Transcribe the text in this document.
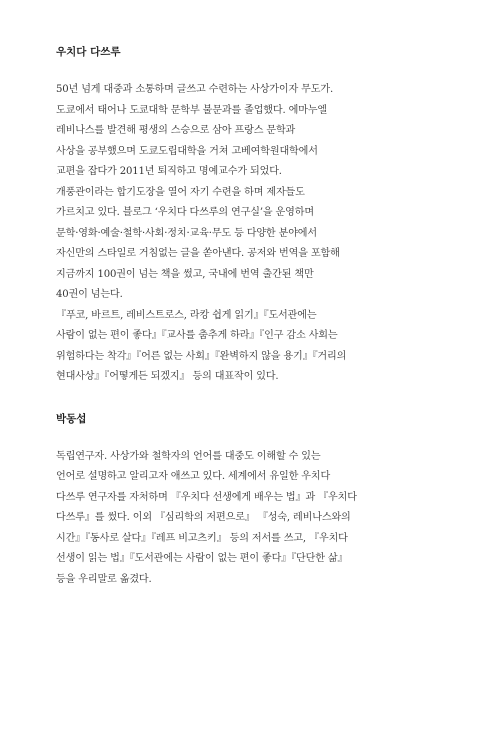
우치다 다쓰루
50년 넘게 대중과 소통하며 글쓰고 수련하는 사상가이자 무도가.
도쿄에서 태어나 도쿄대학 문학부 불문과를 졸업했다. 에마누엘
레비나스를 발견해 평생의 스승으로 삼아 프랑스 문학과
사상을 공부했으며 도쿄도립대학을 거쳐 고베여학원대학에서
교편을 잡다가 2011년 퇴직하고 명예교수가 되었다.
개풍관이라는 합기도장을 열어 자기 수련을 하며 제자들도
가르치고 있다. 블로그 ‘우치다 다쓰루의 연구실’을 운영하며
문학·영화·예술·철학·사회·정치·교육·무도 등 다양한 분야에서
자신만의 스타일로 거침없는 글을 쏟아낸다. 공저와 번역을 포함해
지금까지 100권이 넘는 책을 썼고, 국내에 번역 출간된 책만
40권이 넘는다.
『푸코, 바르트, 레비스트로스, 라캉 쉽게 읽기』『도서관에는
사람이 없는 편이 좋다』『교사를 춤추게 하라』『인구 감소 사회는
위험하다는 착각』『어른 없는 사회』『완벽하지 않을 용기』『거리의
현대사상』『어떻게든 되겠지』 등의 대표작이 있다.
박동섭
독립연구자. 사상가와 철학자의 언어를 대중도 이해할 수 있는
언어로 설명하고 알리고자 애쓰고 있다. 세계에서 유일한 우치다
다쓰루 연구자를 자처하며 『우치다 선생에게 배우는 법』과 『우치다
다쓰루』를 썼다. 이외 『심리학의 저편으로』 『성숙, 레비나스와의
시간』『동사로 살다』『레프 비고츠키』 등의 저서를 쓰고, 『우치다
선생이 읽는 법』『도서관에는 사람이 없는 편이 좋다』『단단한 삶』
등을 우리말로 옮겼다.
